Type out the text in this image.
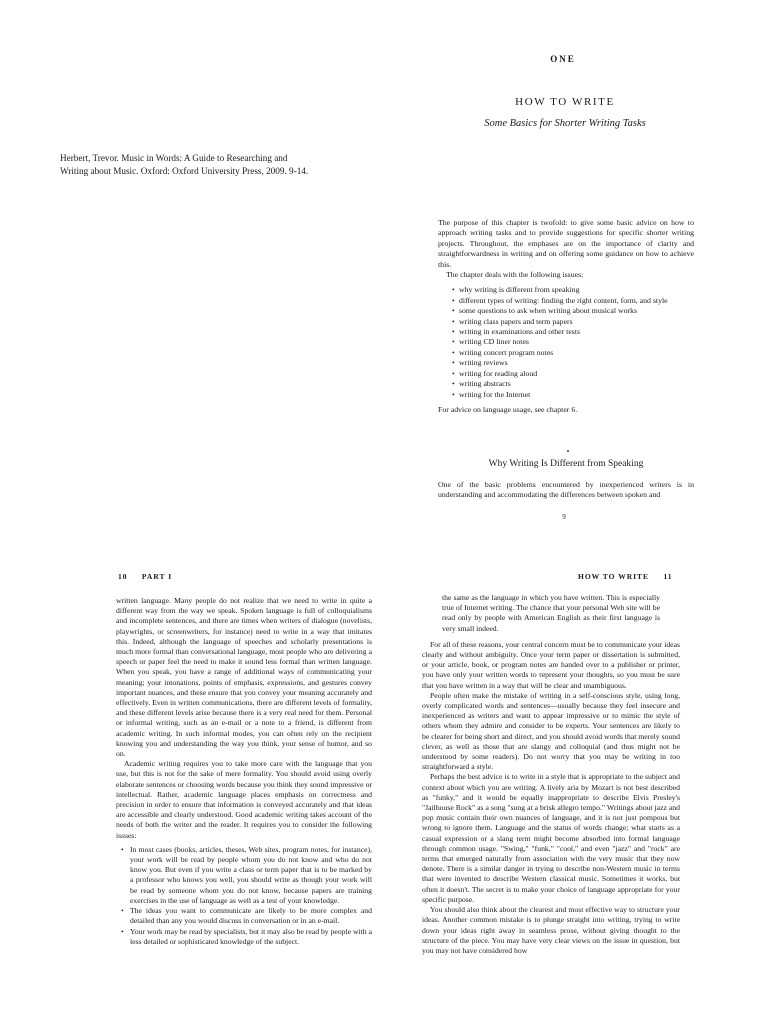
ONE
HOW TO WRITE
Some Basics for Shorter Writing Tasks
Herbert, Trevor. Music in Words: A Guide to Researching and
Writing about Music. Oxford: Oxford University Press, 2009. 9-14.

The purpose of this chapter is twofold: to give some basic advice on how to approach writing tasks and to provide suggestions for specific shorter writing projects. Throughout, the emphases are on the importance of clarity and straightforwardness in writing and on offering some guidance on how to achieve this.

The chapter deals with the following issues:

• why writing is different from speaking
• different types of writing: finding the right content, form, and style
• some questions to ask when writing about musical works
• writing class papers and term papers
• writing in examinations and other tests
• writing CD liner notes
• writing concert program notes
• writing reviews
• writing for reading aloud
• writing abstracts
• writing for the Internet

For advice on language usage, see chapter 6.

Why Writing Is Different from Speaking
One of the basic problems encountered by inexperienced writers is in understanding and accommodating the differences between spoken and
9
10 PART I	HOW TO WRITE 11

written language. Many people do not realize that we need to write in quite a different way from the way we speak. Spoken language is full of colloquialisms and incomplete sentences, and there are times when writers of dialogue (novelists, playwrights, or screenwriters, for instance) need to write in a way that imitates this. Indeed, although the language of speeches and scholarly presentations is much more formal than conversational language, most people who are delivering a speech or paper feel the need to make it sound less formal than written language. When you speak, you have a range of additional ways of communicating your meaning; your intonations, points of emphasis, expressions, and gestures convey important nuances, and these ensure that you convey your meaning accurately and effectively. Even in written communications, there are different levels of formality, and these different levels arise because there is a very real need for them. Personal or informal writing, such as an e-mail or a note to a friend, is different from academic writing. In such informal modes, you can often rely on the recipient knowing you and understanding the way you think, your sense of humor, and so on.

Academic writing requires you to take more care with the language that you use, but this is not for the sake of mere formality. You should avoid using overly elaborate sentences or choosing words because you think they sound impressive or intellectual. Rather, academic language places emphasis on correctness and precision in order to ensure that information is conveyed accurately and that ideas are accessible and clearly understood. Good academic writing takes account of the needs of both the writer and the reader. It requires you to consider the following issues:

• In most cases (books, articles, theses, Web sites, program notes, for instance), your work will be read by people whom you do not know and who do not know you. But even if you write a class or term paper that is to be marked by a professor who knows you well, you should write as though your work will be read by someone whom you do not know, because papers are training exercises in the use of language as well as a test of your knowledge.
• The ideas you want to communicate are likely to be more complex and detailed than any you would discuss in conversation or in an e-mail.
• Your work may be read by specialists, but it may also be read by people with a less detailed or sophisticated knowledge of the subject.

the same as the language in which you have written. This is especially true of Internet writing. The chance that your personal Web site will be read only by people with American English as their first language is very small indeed.

For all of these reasons, your central concern must be to communicate your ideas clearly and without ambiguity. Once your term paper or dissertation is submitted, or your article, book, or program notes are handed over to a publisher or printer, you have only your written words to represent your thoughts, so you must be sure that you have written in a way that will be clear and unambiguous.

People often make the mistake of writing in a self-conscious style, using long, overly complicated words and sentences—usually because they feel insecure and inexperienced as writers and want to appear impressive or to mimic the style of others whom they admire and consider to be experts. Your sentences are likely to be clearer for being short and direct, and you should avoid words that merely sound clever, as well as those that are slangy and colloquial (and thus might not be understood by some readers). Do not worry that you may be writing in too straightforward a style.

Perhaps the best advice is to write in a style that is appropriate to the subject and context about which you are writing. A lively aria by Mozart is not best described as "funky," and it would be equally inappropriate to describe Elvis Presley's "Jailhouse Rock" as a song "sung at a brisk allegro tempo." Writings about jazz and pop music contain their own nuances of language, and it is not just pompous but wrong to ignore them. Language and the status of words change; what starts as a casual expression or a slang term might become absorbed into formal language through common usage. "Swing," "funk," "cool," and even "jazz" and "rock" are terms that emerged naturally from association with the very music that they now denote. There is a similar danger in trying to describe non-Western music in terms that were invented to describe Western classical music. Sometimes it works, but often it doesn't. The secret is to make your choice of language appropriate for your specific purpose.

You should also think about the clearest and most effective way to structure your ideas. Another common mistake is to plunge straight into writing, trying to write down your ideas right away in seamless prose, without giving thought to the structure of the piece. You may have very clear views on the issue in question, but you may not have considered how
